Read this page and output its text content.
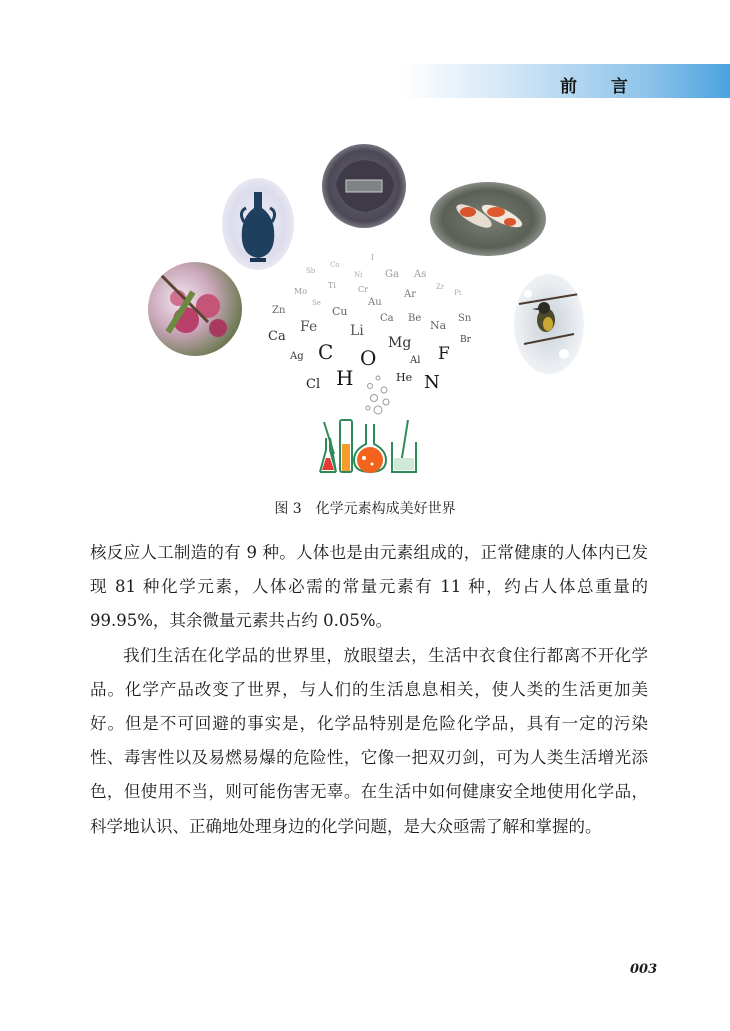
前 言
I
Sb
Co
Ga As
Ni
Mo
Ti	Cr	Zr
Pt
Se	Au
Ar
Zn	Cu
Ca Be
Na
Sn
Fe Li
Ca	Mg	Br
C O	F
Ag	Al
H	He N
Cl
图 3 化学元素构成美好世界

核反应人工制造的有 9 种。人体也是由元素组成的，正常健康的人体内已发现 81 种化学元素，人体必需的常量元素有 11 种，约占人体总重量的 99.95%，其余微量元素共占约 0.05%。

我们生活在化学品的世界里，放眼望去，生活中衣食住行都离不开化学品。化学产品改变了世界，与人们的生活息息相关，使人类的生活更加美好。但是不可回避的事实是，化学品特别是危险化学品，具有一定的污染性、毒害性以及易燃易爆的危险性，它像一把双刃剑，可为人类生活增光添色，但使用不当，则可能伤害无辜。在生活中如何健康安全地使用化学品，科学地认识、正确地处理身边的化学问题，是大众亟需了解和掌握的。

003
